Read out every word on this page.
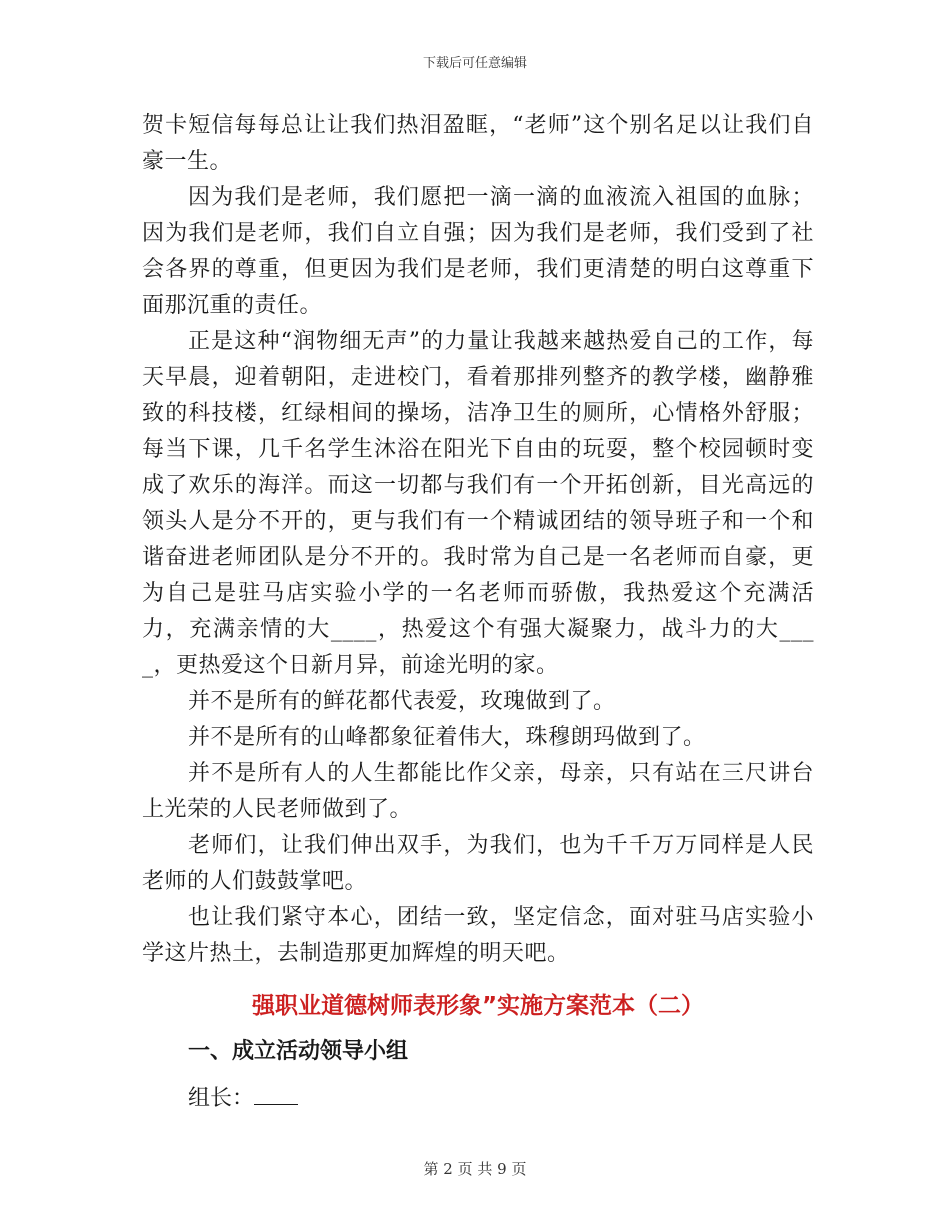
下载后可任意编辑

贺卡短信每每总让让我们热泪盈眶，“老师”这个别名足以让我们自豪一生。

因为我们是老师，我们愿把一滴一滴的血液流入祖国的血脉；因为我们是老师，我们自立自强；因为我们是老师，我们受到了社会各界的尊重，但更因为我们是老师，我们更清楚的明白这尊重下面那沉重的责任。

正是这种“润物细无声”的力量让我越来越热爱自己的工作，每天早晨，迎着朝阳，走进校门，看着那排列整齐的教学楼，幽静雅致的科技楼，红绿相间的操场，洁净卫生的厕所，心情格外舒服；每当下课，几千名学生沐浴在阳光下自由的玩耍，整个校园顿时变成了欢乐的海洋。而这一切都与我们有一个开拓创新，目光高远的领头人是分不开的，更与我们有一个精诚团结的领导班子和一个和谐奋进老师团队是分不开的。我时常为自己是一名老师而自豪，更为自己是驻马店实验小学的一名老师而骄傲，我热爱这个充满活力，充满亲情的大____，热爱这个有强大凝聚力，战斗力的大____，更热爱这个日新月异，前途光明的家。

并不是所有的鲜花都代表爱，玫瑰做到了。

并不是所有的山峰都象征着伟大，珠穆朗玛做到了。

并不是所有人的人生都能比作父亲，母亲，只有站在三尺讲台上光荣的人民老师做到了。

老师们，让我们伸出双手，为我们，也为千千万万同样是人民老师的人们鼓鼓掌吧。

也让我们紧守本心，团结一致，坚定信念，面对驻马店实验小学这片热土，去制造那更加辉煌的明天吧。

强职业道德树师表形象”实施方案范本（二）
一、成立活动领导小组
组长：
第 2 页 共 9 页
